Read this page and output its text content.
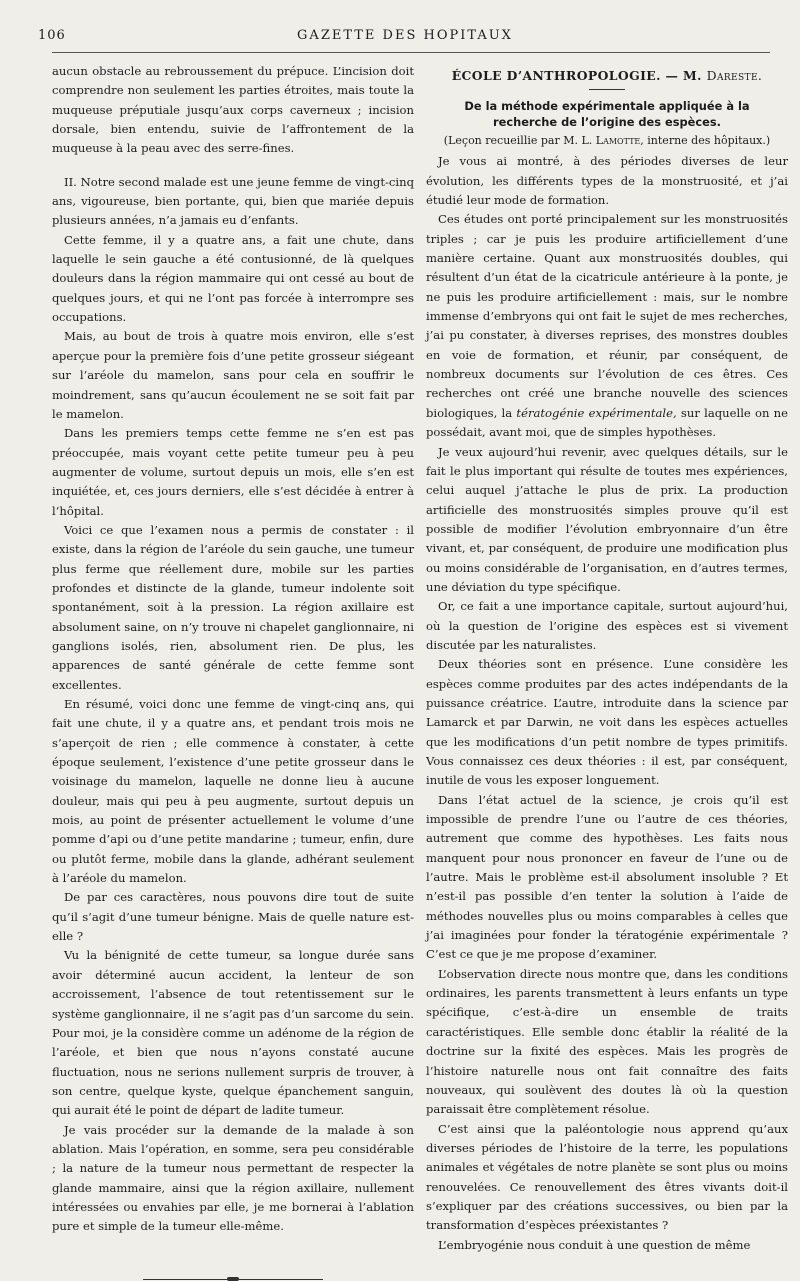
106	GAZETTE DES HOPITAUX

aucun obstacle au rebroussement du prépuce. L’incision doit comprendre non seulement les parties étroites, mais toute la muqueuse préputiale jusqu’aux corps caverneux ; incision dorsale, bien entendu, suivie de l’affrontement de la muqueuse à la peau avec des serre-fines.

II. Notre second malade est une jeune femme de vingt-cinq ans, vigoureuse, bien portante, qui, bien que mariée depuis plusieurs années, n’a jamais eu d’enfants.

Cette femme, il y a quatre ans, a fait une chute, dans laquelle le sein gauche a été contusionné, de là quelques douleurs dans la région mammaire qui ont cessé au bout de quelques jours, et qui ne l’ont pas forcée à interrompre ses occupations.

Mais, au bout de trois à quatre mois environ, elle s’est aperçue pour la première fois d’une petite grosseur siégeant sur l’aréole du mamelon, sans pour cela en souffrir le moindrement, sans qu’aucun écoulement ne se soit fait par le mamelon.

Dans les premiers temps cette femme ne s’en est pas préoccupée, mais voyant cette petite tumeur peu à peu augmenter de volume, surtout depuis un mois, elle s’en est inquiétée, et, ces jours derniers, elle s’est décidée à entrer à l’hôpital.

Voici ce que l’examen nous a permis de constater : il existe, dans la région de l’aréole du sein gauche, une tumeur plus ferme que réellement dure, mobile sur les parties profondes et distincte de la glande, tumeur indolente soit spontanément, soit à la pression. La région axillaire est absolument saine, on n’y trouve ni chapelet ganglionnaire, ni ganglions isolés, rien, absolument rien. De plus, les apparences de santé générale de cette femme sont excellentes.

En résumé, voici donc une femme de vingt-cinq ans, qui fait une chute, il y a quatre ans, et pendant trois mois ne s’aperçoit de rien ; elle commence à constater, à cette époque seulement, l’existence d’une petite grosseur dans le voisinage du mamelon, laquelle ne donne lieu à aucune douleur, mais qui peu à peu augmente, surtout depuis un mois, au point de présenter actuellement le volume d’une pomme d’api ou d’une petite mandarine ; tumeur, enfin, dure ou plutôt ferme, mobile dans la glande, adhérant seulement à l’aréole du mamelon.

De par ces caractères, nous pouvons dire tout de suite qu’il s’agit d’une tumeur bénigne. Mais de quelle nature est-elle ?

Vu la bénignité de cette tumeur, sa longue durée sans avoir déterminé aucun accident, la lenteur de son accroissement, l’absence de tout retentissement sur le système ganglionnaire, il ne s’agit pas d’un sarcome du sein. Pour moi, je la considère comme un adénome de la région de l’aréole, et bien que nous n’ayons constaté aucune fluctuation, nous ne serions nullement surpris de trouver, à son centre, quelque kyste, quelque épanchement sanguin, qui aurait été le point de départ de ladite tumeur.

Je vais procéder sur la demande de la malade à son ablation. Mais l’opération, en somme, sera peu considérable ; la nature de la tumeur nous permettant de respecter la glande mammaire, ainsi que la région axillaire, nullement intéressées ou envahies par elle, je me bornerai à l’ablation pure et simple de la tumeur elle-même.

ÉCOLE D’ANTHROPOLOGIE. — M. Dareste.
De la méthode expérimentale appliquée à la recherche de l’origine des espèces.
(Leçon recueillie par M. L. Lamotte, interne des hôpitaux.)

Je vous ai montré, à des périodes diverses de leur évolution, les différents types de la monstruosité, et j’ai étudié leur mode de formation.

Ces études ont porté principalement sur les monstruosités triples ; car je puis les produire artificiellement d’une manière certaine. Quant aux monstruosités doubles, qui résultent d’un état de la cicatricule antérieure à la ponte, je ne puis les produire artificiellement : mais, sur le nombre immense d’embryons qui ont fait le sujet de mes recherches, j’ai pu constater, à diverses reprises, des monstres doubles en voie de formation, et réunir, par conséquent, de nombreux documents sur l’évolution de ces êtres. Ces recherches ont créé une branche nouvelle des sciences biologiques, la tératogénie expérimentale, sur laquelle on ne possédait, avant moi, que de simples hypothèses.

Je veux aujourd’hui revenir, avec quelques détails, sur le fait le plus important qui résulte de toutes mes expériences, celui auquel j’attache le plus de prix. La production artificielle des monstruosités simples prouve qu’il est possible de modifier l’évolution embryonnaire d’un être vivant, et, par conséquent, de produire une modification plus ou moins considérable de l’organisation, en d’autres termes, une déviation du type spécifique.

Or, ce fait a une importance capitale, surtout aujourd’hui, où la question de l’origine des espèces est si vivement discutée par les naturalistes.

Deux théories sont en présence. L’une considère les espèces comme produites par des actes indépendants de la puissance créatrice. L’autre, introduite dans la science par Lamarck et par Darwin, ne voit dans les espèces actuelles que les modifications d’un petit nombre de types primitifs. Vous connaissez ces deux théories : il est, par conséquent, inutile de vous les exposer longuement.

Dans l’état actuel de la science, je crois qu’il est impossible de prendre l’une ou l’autre de ces théories, autrement que comme des hypothèses. Les faits nous manquent pour nous prononcer en faveur de l’une ou de l’autre. Mais le problème est-il absolument insoluble ? Et n’est-il pas possible d’en tenter la solution à l’aide de méthodes nouvelles plus ou moins comparables à celles que j’ai imaginées pour fonder la tératogénie expérimentale ? C’est ce que je me propose d’examiner.

L’observation directe nous montre que, dans les conditions ordinaires, les parents transmettent à leurs enfants un type spécifique, c’est-à-dire un ensemble de traits caractéristiques. Elle semble donc établir la réalité de la doctrine sur la fixité des espèces. Mais les progrès de l’histoire naturelle nous ont fait connaître des faits nouveaux, qui soulèvent des doutes là où la question paraissait être complètement résolue.

C’est ainsi que la paléontologie nous apprend qu’aux diverses périodes de l’histoire de la terre, les populations animales et végétales de notre planète se sont plus ou moins renouvelées. Ce renouvellement des êtres vivants doit-il s’expliquer par des créations successives, ou bien par la transformation d’espèces préexistantes ?

L’embryogénie nous conduit à une question de même
